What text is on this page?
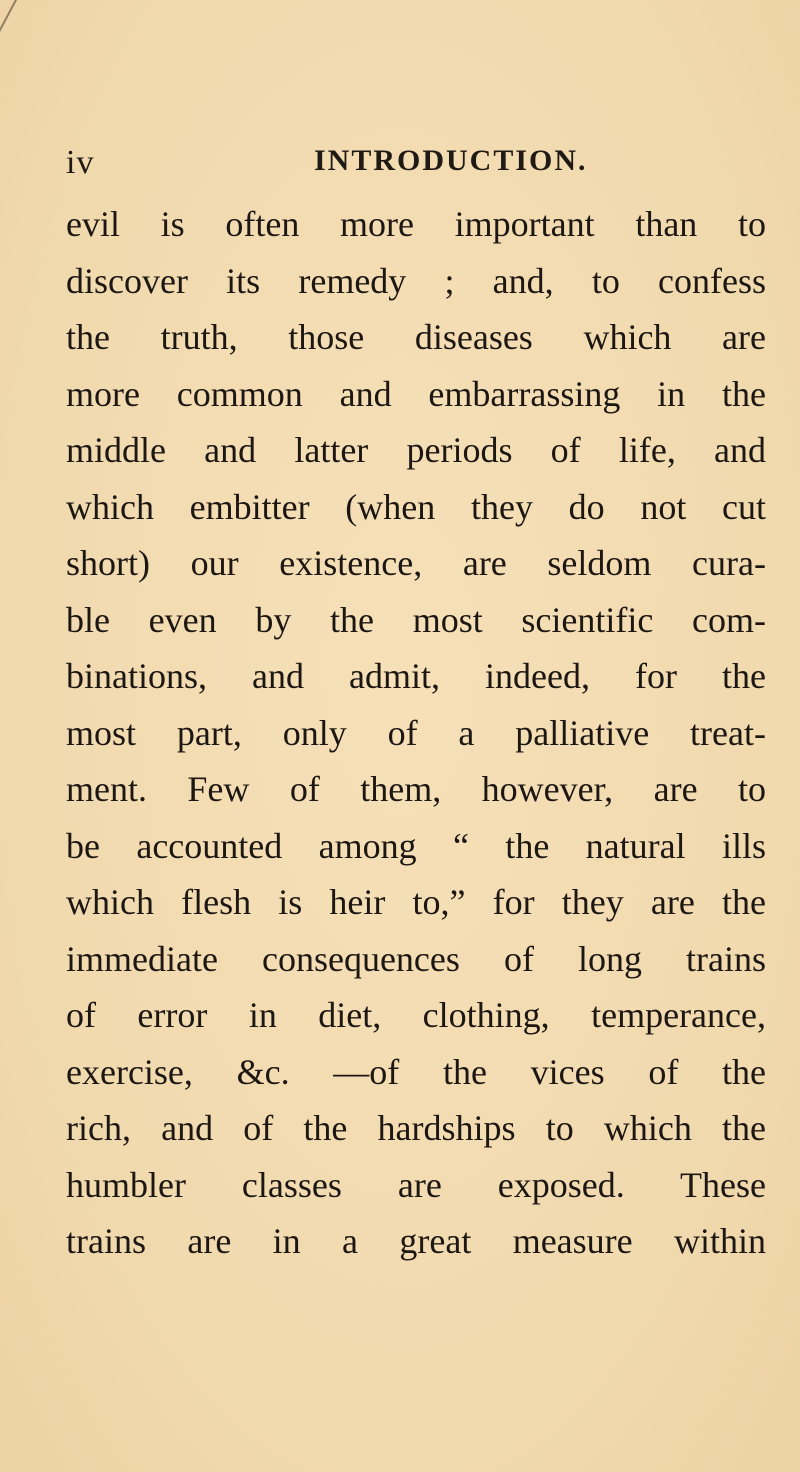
iv	INTRODUCTION.
evil is often more important than to
discover its remedy ; and, to confess
the truth, those diseases which are
more common and embarrassing in the
middle and latter periods of life, and
which embitter (when they do not cut
short) our existence, are seldom cura-
ble even by the most scientific com-
binations, and admit, indeed, for the
most part, only of a palliative treat-
ment. Few of them, however, are to
be accounted among “ the natural ills
which flesh is heir to,” for they are the
immediate consequences of long trains
of error in diet, clothing, temperance,
exercise, &c. —of the vices of the
rich, and of the hardships to which the
humbler classes are exposed. These
trains are in a great measure within
